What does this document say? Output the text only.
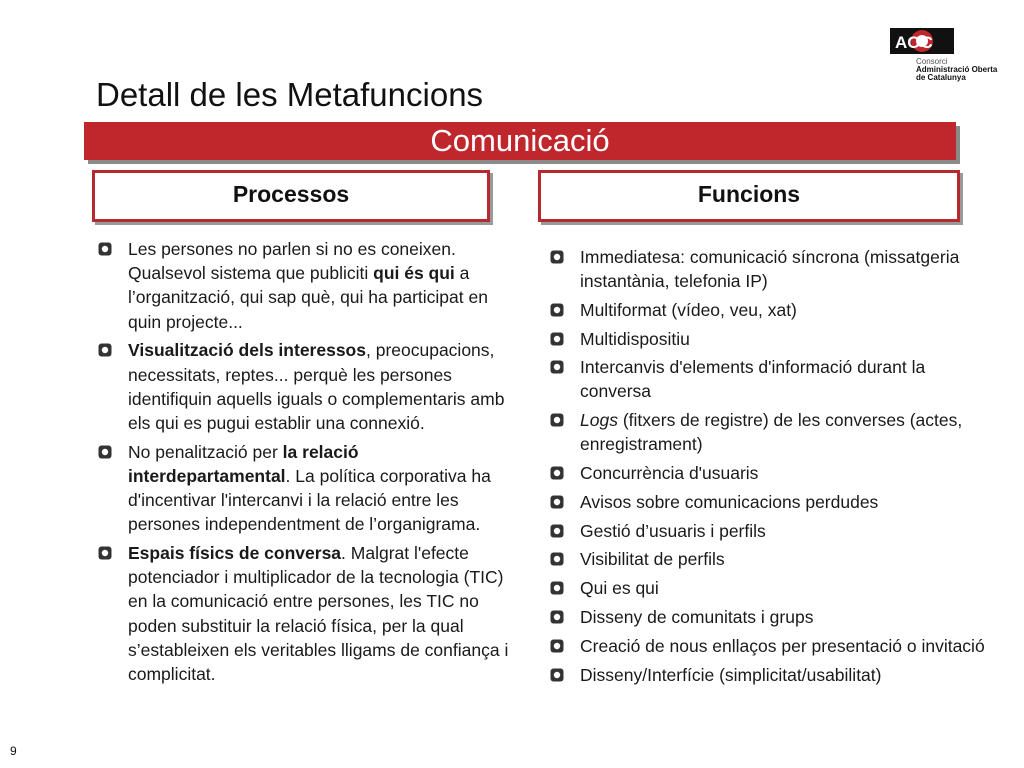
AOC
Consorci
Administració Oberta
de Catalunya
Detall de les Metafuncions
Comunicació
Processos	Funcions
Les persones no parlen si no es coneixen. Qualsevol sistema que publiciti qui és qui a l’organització, qui sap què, qui ha participat en quin projecte...
Visualització dels interessos, preocupacions, necessitats, reptes... perquè les persones identifiquin aquells iguals o complementaris amb els qui es pugui establir una connexió.
No penalització per la relació interdepartamental. La política corporativa ha d'incentivar l'intercanvi i la relació entre les persones independentment de l’organigrama.
Espais físics de conversa. Malgrat l'efecte potenciador i multiplicador de la tecnologia (TIC) en la comunicació entre persones, les TIC no poden substituir la relació física, per la qual s’estableixen els veritables lligams de confiança i complicitat.
Immediatesa: comunicació síncrona (missatgeria instantània, telefonia IP)
Multiformat (vídeo, veu, xat)
Multidispositiu
Intercanvis d'elements d'informació durant la conversa
Logs (fitxers de registre) de les converses (actes, enregistrament)
Concurrència d'usuaris
Avisos sobre comunicacions perdudes
Gestió d’usuaris i perfils
Visibilitat de perfils
Qui es qui
Disseny de comunitats i grups
Creació de nous enllaços per presentació o invitació
Disseny/Interfície (simplicitat/usabilitat)
9
